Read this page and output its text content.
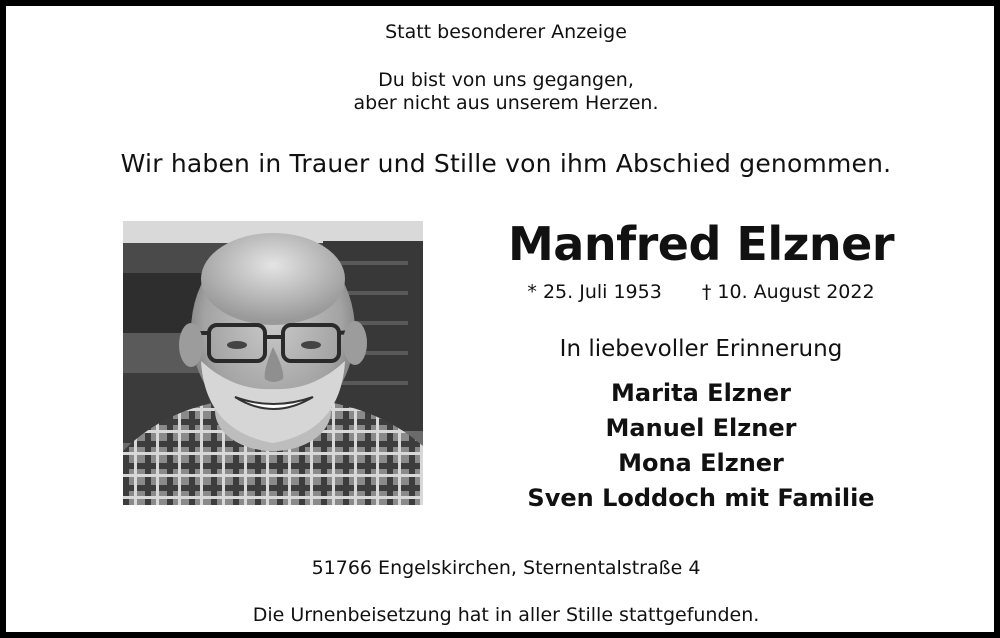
Statt besonderer Anzeige
Du bist von uns gegangen,
aber nicht aus unserem Herzen.
Wir haben in Trauer und Stille von ihm Abschied genommen.
Manfred Elzner
* 25. Juli 1953 † 10. August 2022
In liebevoller Erinnerung
Marita Elzner
Manuel Elzner
Mona Elzner
Sven Loddoch mit Familie
51766 Engelskirchen, Sternentalstraße 4
Die Urnenbeisetzung hat in aller Stille stattgefunden.
